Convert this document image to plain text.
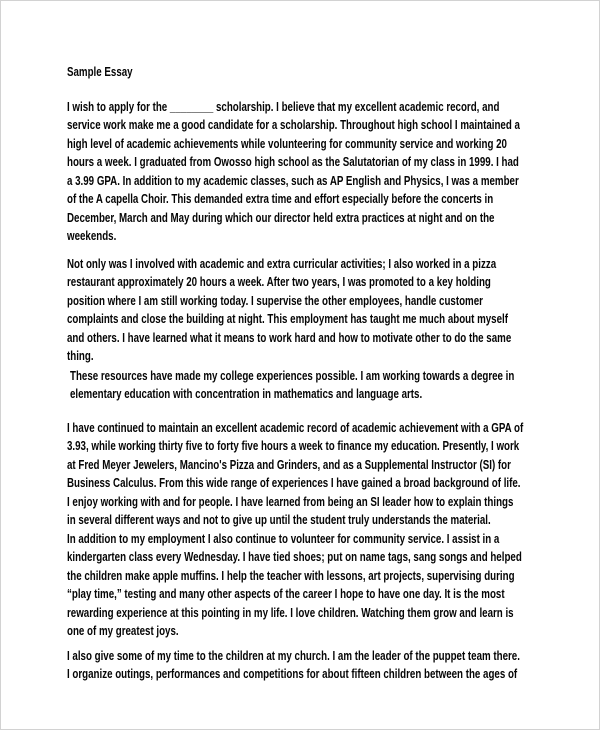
Sample Essay
I wish to apply for the ________ scholarship. I believe that my excellent academic record, and
service work make me a good candidate for a scholarship. Throughout high school I maintained a
high level of academic achievements while volunteering for community service and working 20
hours a week. I graduated from Owosso high school as the Salutatorian of my class in 1999. I had
a 3.99 GPA. In addition to my academic classes, such as AP English and Physics, I was a member
of the A capella Choir. This demanded extra time and effort especially before the concerts in
December, March and May during which our director held extra practices at night and on the
weekends.
Not only was I involved with academic and extra curricular activities; I also worked in a pizza
restaurant approximately 20 hours a week. After two years, I was promoted to a key holding
position where I am still working today. I supervise the other employees, handle customer
complaints and close the building at night. This employment has taught me much about myself
and others. I have learned what it means to work hard and how to motivate other to do the same
thing.
These resources have made my college experiences possible. I am working towards a degree in
elementary education with concentration in mathematics and language arts.
I have continued to maintain an excellent academic record of academic achievement with a GPA of
3.93, while working thirty five to forty five hours a week to finance my education. Presently, I work
at Fred Meyer Jewelers, Mancino's Pizza and Grinders, and as a Supplemental Instructor (SI) for
Business Calculus. From this wide range of experiences I have gained a broad background of life.
I enjoy working with and for people. I have learned from being an SI leader how to explain things
in several different ways and not to give up until the student truly understands the material.
In addition to my employment I also continue to volunteer for community service. I assist in a
kindergarten class every Wednesday. I have tied shoes; put on name tags, sang songs and helped
the children make apple muffins. I help the teacher with lessons, art projects, supervising during
“play time,” testing and many other aspects of the career I hope to have one day. It is the most
rewarding experience at this pointing in my life. I love children. Watching them grow and learn is
one of my greatest joys.
I also give some of my time to the children at my church. I am the leader of the puppet team there.
I organize outings, performances and competitions for about fifteen children between the ages of
